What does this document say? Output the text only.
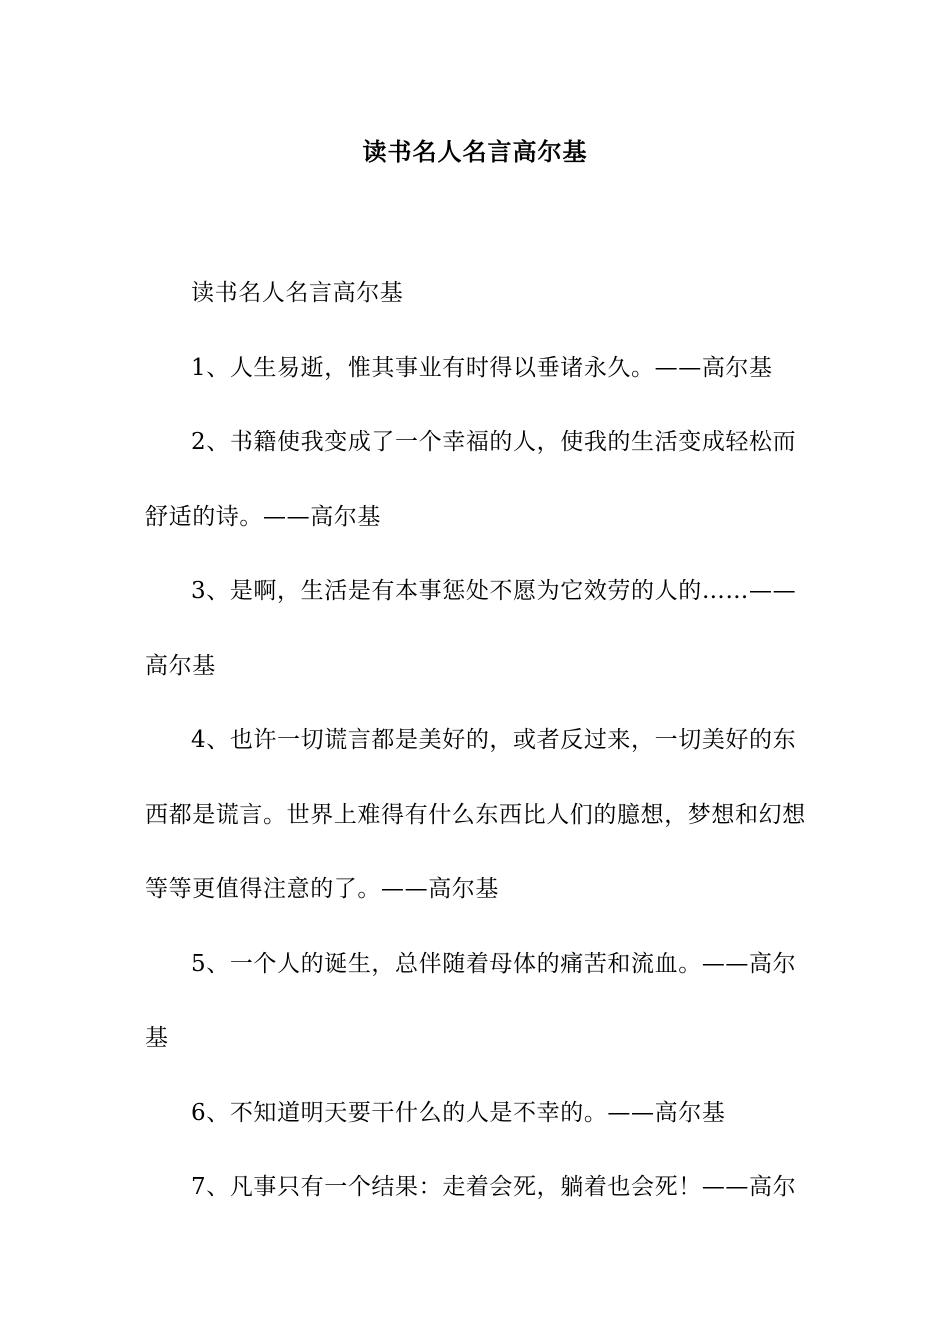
读书名人名言高尔基

读书名人名言高尔基

1、人生易逝，惟其事业有时得以垂诸永久。——高尔基

2、书籍使我变成了一个幸福的人，使我的生活变成轻松而舒适的诗。——高尔基

3、是啊，生活是有本事惩处不愿为它效劳的人的……——高尔基

4、也许一切谎言都是美好的，或者反过来，一切美好的东西都是谎言。世界上难得有什么东西比人们的臆想，梦想和幻想等等更值得注意的了。——高尔基

5、一个人的诞生，总伴随着母体的痛苦和流血。——高尔基

6、不知道明天要干什么的人是不幸的。——高尔基

7、凡事只有一个结果：走着会死，躺着也会死！——高尔
